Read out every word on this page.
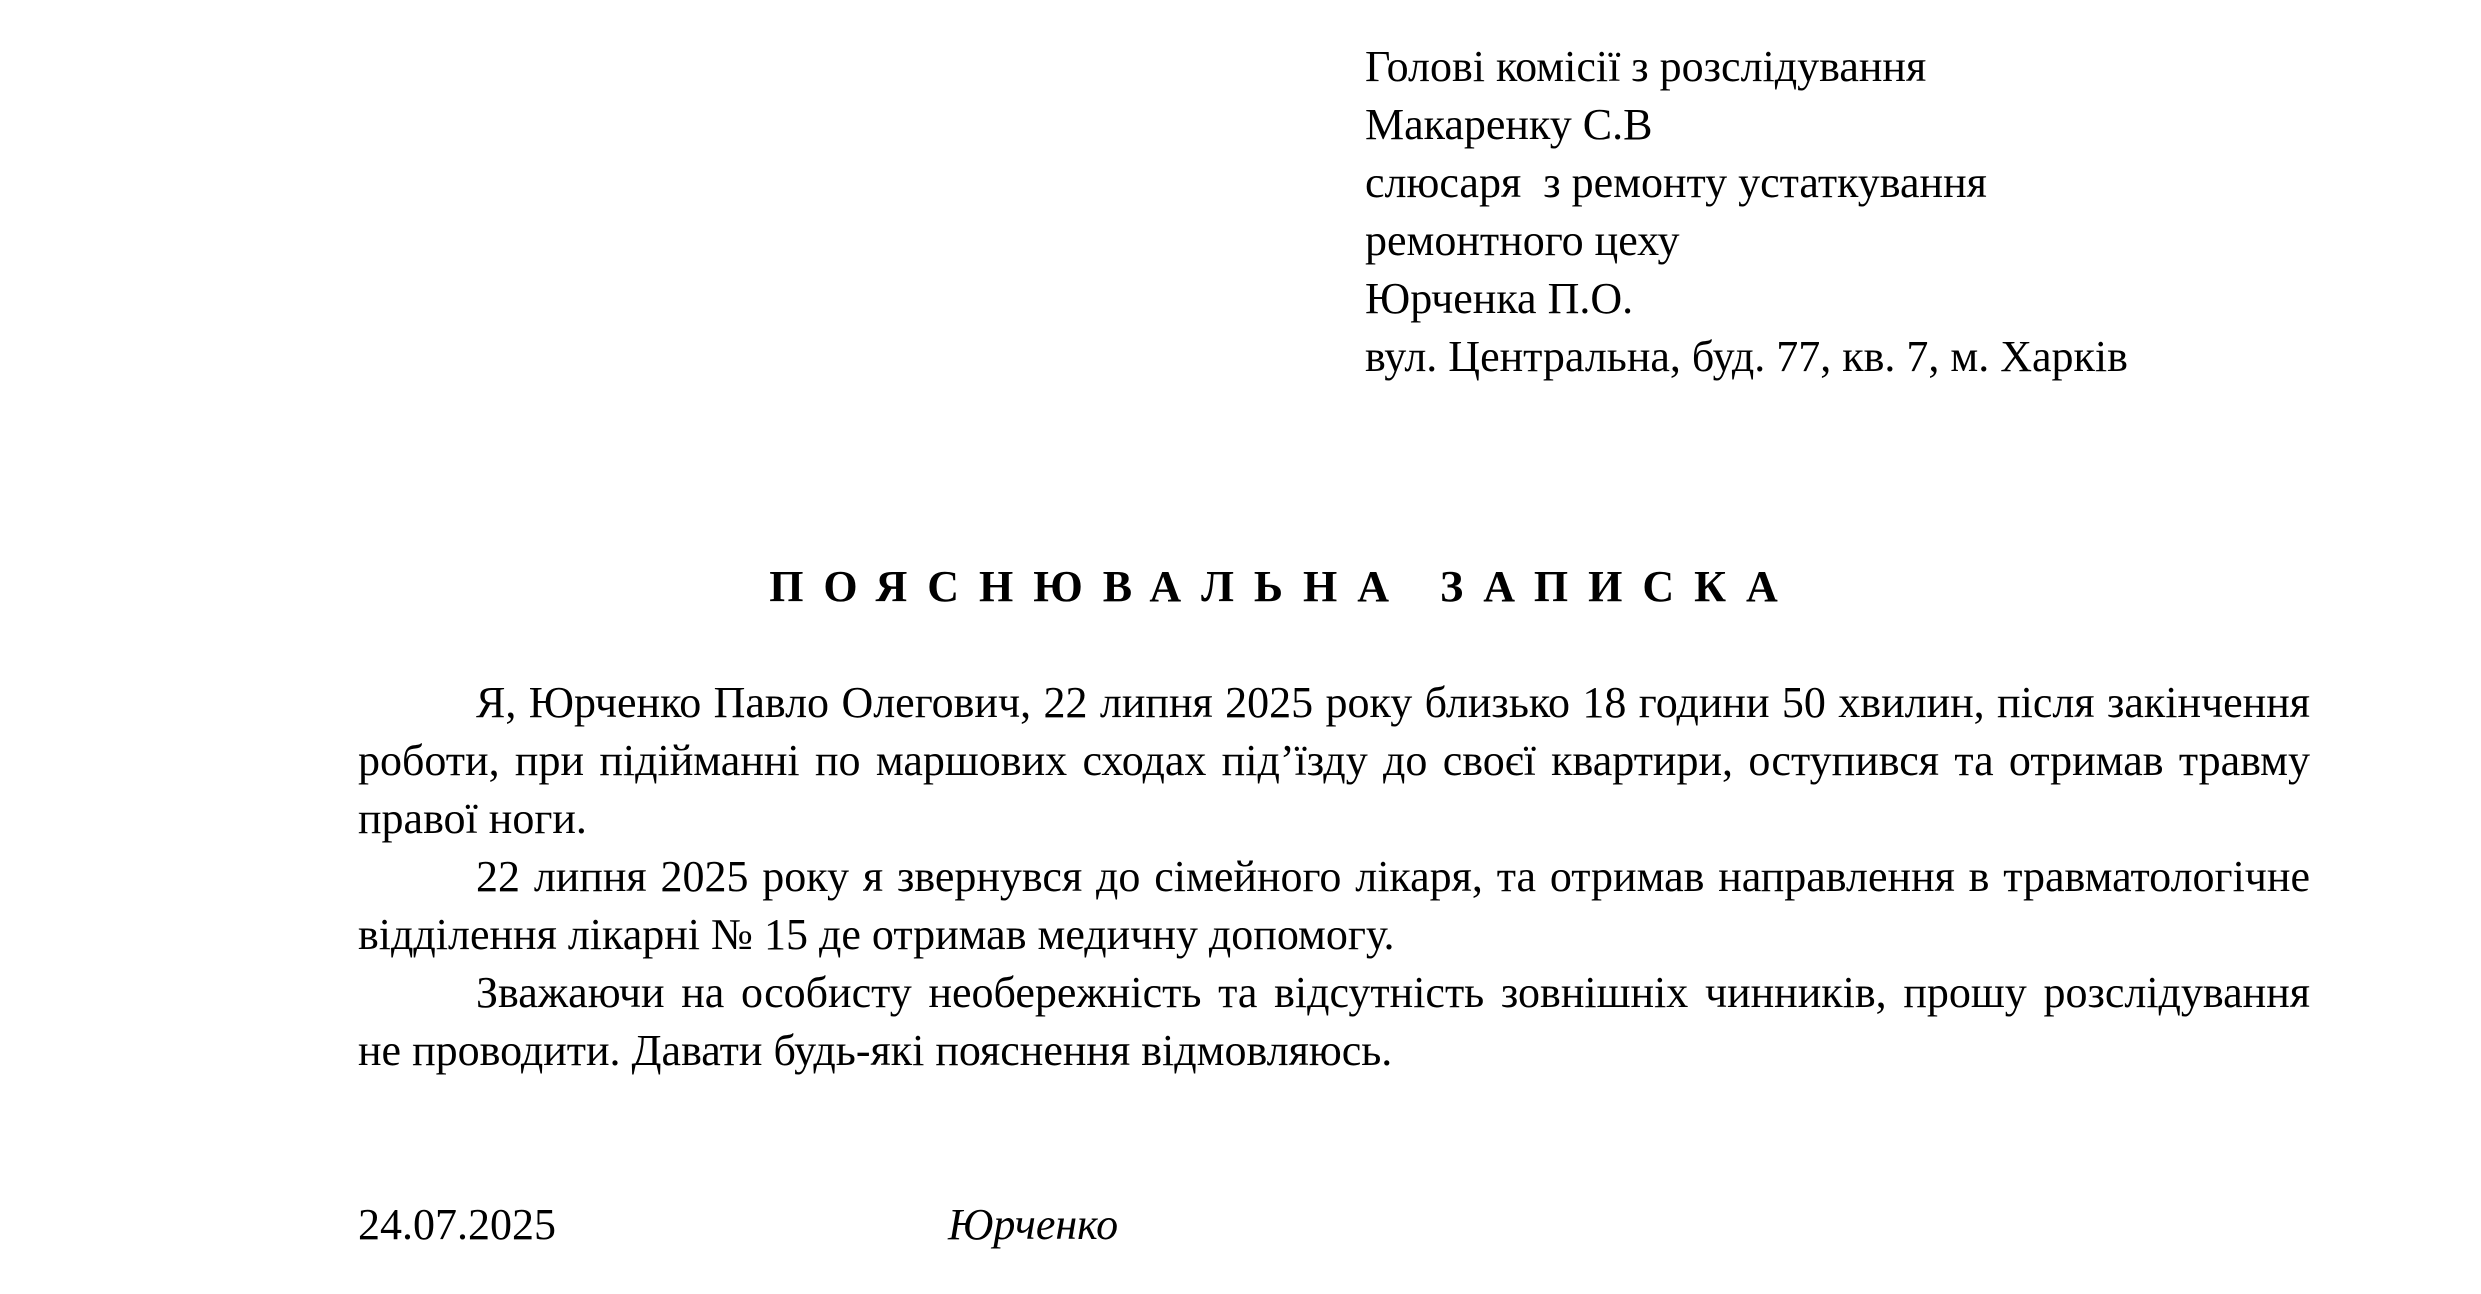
Голові комісії з розслідування
Макаренку С.В
слюсаря  з ремонту устаткування
ремонтного цеху
Юрченка П.О.
вул. Центральна, буд. 77, кв. 7, м. Харків
ПОЯСНЮВАЛЬНА ЗАПИСКА

Я, Юрченко Павло Олегович, 22 липня 2025 року близько 18 години 50 хвилин, після закінчення роботи, при підійманні по маршових сходах під’їзду до своєї квартири, оступився та отримав травму правої ноги.

22 липня 2025 року я звернувся до сімейного лікаря, та отримав направлення в травматологічне відділення лікарні № 15 де отримав медичну допомогу.

Зважаючи на особисту необережність та відсутність зовнішніх чинників, прошу розслідування не проводити. Давати будь-які пояснення відмовляюсь.

24.07.2025	Юрченко
